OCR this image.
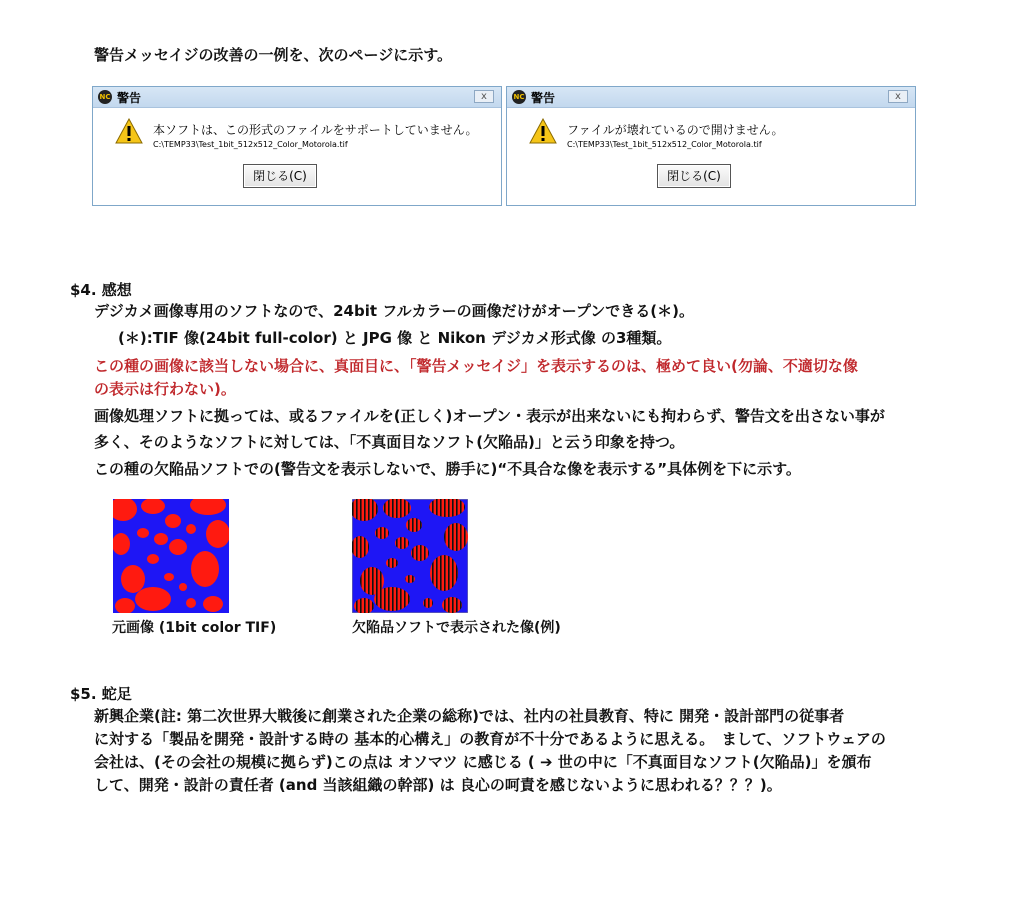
警告メッセイジの改善の一例を、次のページに示す。
NC 警告	x
本ソフトは、この形式のファイルをサポートしていません。
C:\TEMP33\Test_1bit_512x512_Color_Motorola.tif
閉じる(C)
NC 警告	x
ファイルが壊れているので開けません。
C:\TEMP33\Test_1bit_512x512_Color_Motorola.tif
閉じる(C)
$4. 感想
デジカメ画像専用のソフトなので、24bit フルカラーの画像だけがオープンできる(＊)。
(＊):TIF 像(24bit full-color) と JPG 像 と Nikon デジカメ形式像 の3種類。
この種の画像に該当しない場合に、真面目に、「警告メッセイジ」を表示するのは、極めて良い(勿論、不適切な像
の表示は行わない)。
画像処理ソフトに拠っては、或るファイルを(正しく)オープン・表示が出来ないにも拘わらず、警告文を出さない事が
多く、そのようなソフトに対しては、「不真面目なソフト(欠陥品)」と云う印象を持つ。
この種の欠陥品ソフトでの(警告文を表示しないで、勝手に)“不具合な像を表示する”具体例を下に示す。
元画像 (1bit color TIF)	欠陥品ソフトで表示された像(例)
$5. 蛇足
新興企業(註: 第二次世界大戦後に創業された企業の総称)では、社内の社員教育、特に 開発・設計部門の従事者
に対する「製品を開発・設計する時の 基本的心構え」の教育が不十分であるように思える。　まして、ソフトウェアの
会社は、(その会社の規模に拠らず)この点は オソマツ に感じる ( ➔ 世の中に「不真面目なソフト(欠陥品)」を頒布
して、開発・設計の責任者 (and 当該組織の幹部) は 良心の呵責を感じないように思われる？？？)。
